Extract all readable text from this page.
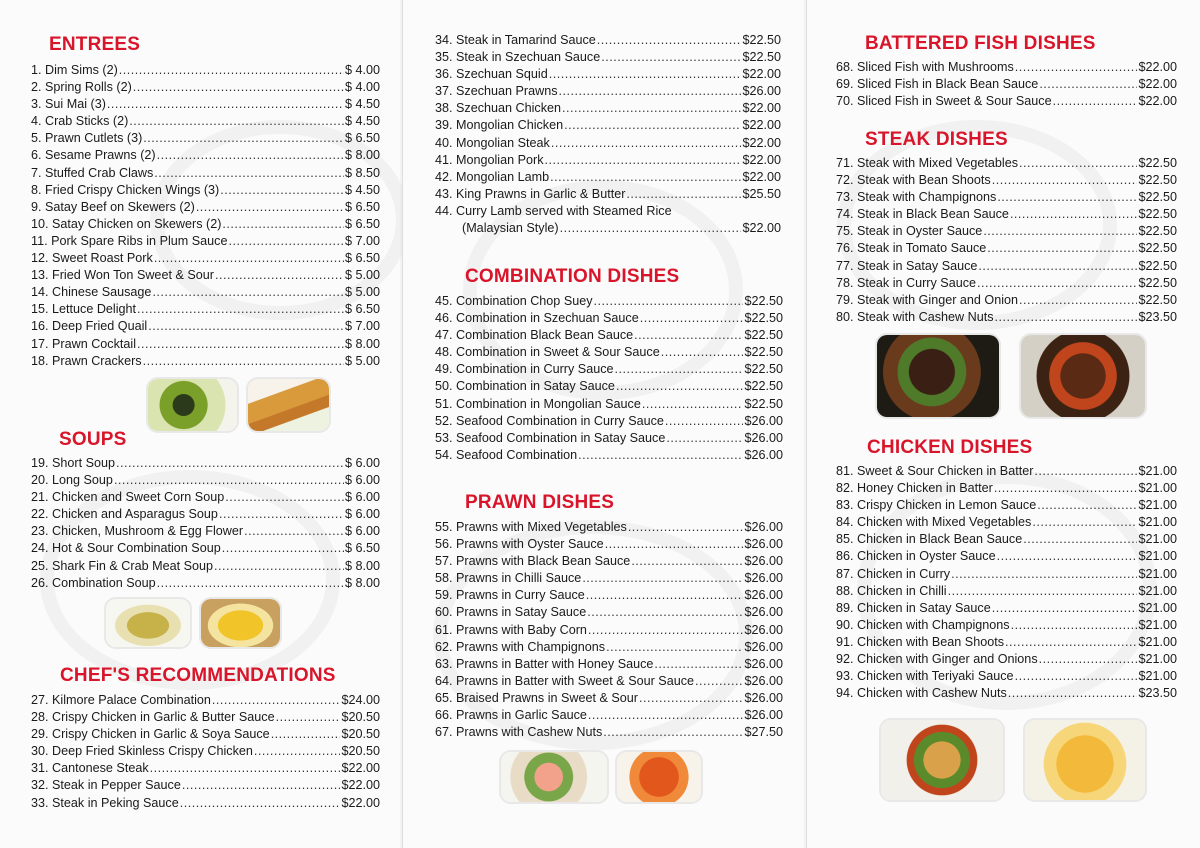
ENTREES
1. Dim Sims (2) .....	$ 4.00
2. Spring Rolls (2) .....	$ 4.00
3. Sui Mai (3) .....	$ 4.50
4. Crab Sticks (2) .....	$ 4.50
5. Prawn Cutlets (3) .....	$ 6.50
6. Sesame Prawns (2) .....	$ 8.00
7. Stuffed Crab Claws .....	$ 8.50
8. Fried Crispy Chicken Wings (3) .....	$ 4.50
9. Satay Beef on Skewers (2) .....	$ 6.50
10. Satay Chicken on Skewers (2) .....	$ 6.50
11. Pork Spare Ribs in Plum Sauce .....	$ 7.00
12. Sweet Roast Pork .....	$ 6.50
13. Fried Won Ton Sweet & Sour .....	$ 5.00
14. Chinese Sausage .....	$ 5.00
15. Lettuce Delight .....	$ 6.50
16. Deep Fried Quail .....	$ 7.00
17. Prawn Cocktail .....	$ 8.00
18. Prawn Crackers .....	$ 5.00
SOUPS
19. Short Soup .....	$ 6.00
20. Long Soup .....	$ 6.00
21. Chicken and Sweet Corn Soup .....	$ 6.00
22. Chicken and Asparagus Soup .....	$ 6.00
23. Chicken, Mushroom & Egg Flower .....	$ 6.00
24. Hot & Sour Combination Soup .....	$ 6.50
25. Shark Fin & Crab Meat Soup .....	$ 8.00
26. Combination Soup .....	$ 8.00
CHEF'S RECOMMENDATIONS
27. Kilmore Palace Combination .....	$24.00
28. Crispy Chicken in Garlic & Butter Sauce .....	$20.50
29. Crispy Chicken in Garlic & Soya Sauce .....	$20.50
30. Deep Fried Skinless Crispy Chicken .....	$20.50
31. Cantonese Steak .....	$22.00
32. Steak in Pepper Sauce .....	$22.00
33. Steak in Peking Sauce .....	$22.00
34. Steak in Tamarind Sauce .....	$22.50
35. Steak in Szechuan Sauce .....	$22.50
36. Szechuan Squid .....	$22.00
37. Szechuan Prawns .....	$26.00
38. Szechuan Chicken .....	$22.00
39. Mongolian Chicken .....	$22.00
40. Mongolian Steak .....	$22.00
41. Mongolian Pork .....	$22.00
42. Mongolian Lamb .....	$22.00
43. King Prawns in Garlic & Butter .....	$25.50
44. Curry Lamb served with Steamed Rice
(Malaysian Style) .....	$22.00
COMBINATION DISHES
45. Combination Chop Suey .....	$22.50
46. Combination in Szechuan Sauce .....	$22.50
47. Combination Black Bean Sauce .....	$22.50
48. Combination in Sweet & Sour Sauce .....	$22.50
49. Combination in Curry Sauce .....	$22.50
50. Combination in Satay Sauce .....	$22.50
51. Combination in Mongolian Sauce .....	$22.50
52. Seafood Combination in Curry Sauce .....	$26.00
53. Seafood Combination in Satay Sauce .....	$26.00
54. Seafood Combination .....	$26.00
PRAWN DISHES
55. Prawns with Mixed Vegetables .....	$26.00
56. Prawns with Oyster Sauce .....	$26.00
57. Prawns with Black Bean Sauce .....	$26.00
58. Prawns in Chilli Sauce .....	$26.00
59. Prawns in Curry Sauce .....	$26.00
60. Prawns in Satay Sauce .....	$26.00
61. Prawns with Baby Corn .....	$26.00
62. Prawns with Champignons .....	$26.00
63. Prawns in Batter with Honey Sauce .....	$26.00
64. Prawns in Batter with Sweet & Sour Sauce .....	$26.00
65. Braised Prawns in Sweet & Sour .....	$26.00
66. Prawns in Garlic Sauce .....	$26.00
67. Prawns with Cashew Nuts .....	$27.50
BATTERED FISH DISHES
68. Sliced Fish with Mushrooms .....	$22.00
69. Sliced Fish in Black Bean Sauce .....	$22.00
70. Sliced Fish in Sweet & Sour Sauce .....	$22.00
STEAK DISHES
71. Steak with Mixed Vegetables .....	$22.50
72. Steak with Bean Shoots .....	$22.50
73. Steak with Champignons .....	$22.50
74. Steak in Black Bean Sauce .....	$22.50
75. Steak in Oyster Sauce .....	$22.50
76. Steak in Tomato Sauce .....	$22.50
77. Steak in Satay Sauce .....	$22.50
78. Steak in Curry Sauce .....	$22.50
79. Steak with Ginger and Onion .....	$22.50
80. Steak with Cashew Nuts .....	$23.50
CHICKEN DISHES
81. Sweet & Sour Chicken in Batter .....	$21.00
82. Honey Chicken in Batter .....	$21.00
83. Crispy Chicken in Lemon Sauce .....	$21.00
84. Chicken with Mixed Vegetables .....	$21.00
85. Chicken in Black Bean Sauce .....	$21.00
86. Chicken in Oyster Sauce .....	$21.00
87. Chicken in Curry .....	$21.00
88. Chicken in Chilli .....	$21.00
89. Chicken in Satay Sauce .....	$21.00
90. Chicken with Champignons .....	$21.00
91. Chicken with Bean Shoots .....	$21.00
92. Chicken with Ginger and Onions .....	$21.00
93. Chicken with Teriyaki Sauce .....	$21.00
94. Chicken with Cashew Nuts .....	$23.50
